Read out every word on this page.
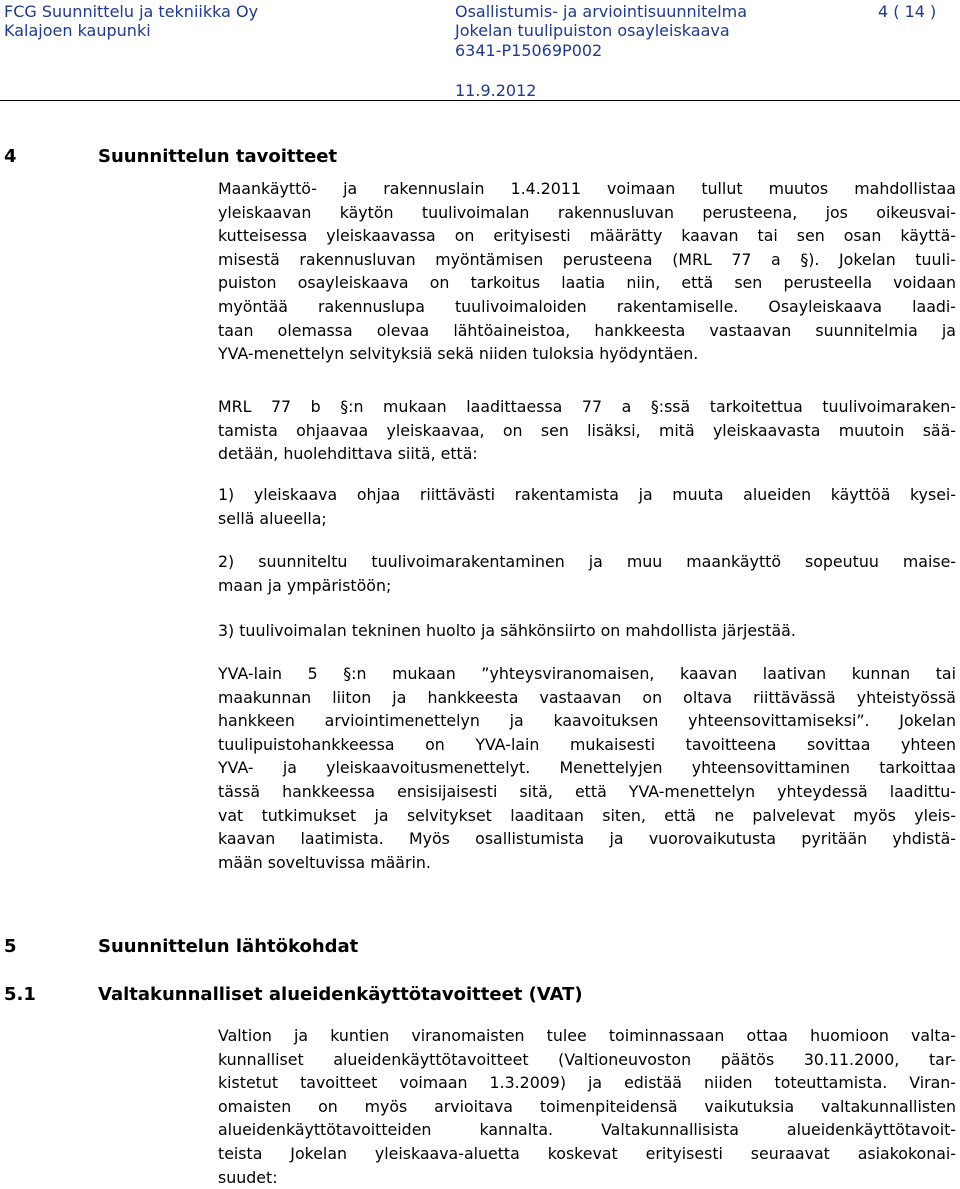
FCG Suunnittelu ja tekniikka Oy
Kalajoen kaupunki
Osallistumis- ja arviointisuunnitelma
Jokelan tuulipuiston osayleiskaava
6341-P15069P002
11.9.2012
4 ( 14 )
4	Suunnittelun tavoitteet
Maankäyttö- ja rakennuslain 1.4.2011 voimaan tullut muutos mahdollistaa
yleiskaavan käytön tuulivoimalan rakennusluvan perusteena, jos oikeusvai-
kutteisessa yleiskaavassa on erityisesti määrätty kaavan tai sen osan käyttä-
misestä rakennusluvan myöntämisen perusteena (MRL 77 a §). Jokelan tuuli-
puiston osayleiskaava on tarkoitus laatia niin, että sen perusteella voidaan
myöntää rakennuslupa tuulivoimaloiden rakentamiselle. Osayleiskaava laadi-
taan olemassa olevaa lähtöaineistoa, hankkeesta vastaavan suunnitelmia ja
YVA-menettelyn selvityksiä sekä niiden tuloksia hyödyntäen.
MRL 77 b §:n mukaan laadittaessa 77 a §:ssä tarkoitettua tuulivoimaraken-
tamista ohjaavaa yleiskaavaa, on sen lisäksi, mitä yleiskaavasta muutoin sää-
detään, huolehdittava siitä, että:
1) yleiskaava ohjaa riittävästi rakentamista ja muuta alueiden käyttöä kysei-
sellä alueella;
2) suunniteltu tuulivoimarakentaminen ja muu maankäyttö sopeutuu maise-
maan ja ympäristöön;
3) tuulivoimalan tekninen huolto ja sähkönsiirto on mahdollista järjestää.
YVA-lain 5 §:n mukaan ”yhteysviranomaisen, kaavan laativan kunnan tai
maakunnan liiton ja hankkeesta vastaavan on oltava riittävässä yhteistyössä
hankkeen arviointimenettelyn ja kaavoituksen yhteensovittamiseksi”. Jokelan
tuulipuistohankkeessa on YVA-lain mukaisesti tavoitteena sovittaa yhteen
YVA- ja yleiskaavoitusmenettelyt. Menettelyjen yhteensovittaminen tarkoittaa
tässä hankkeessa ensisijaisesti sitä, että YVA-menettelyn yhteydessä laadittu-
vat tutkimukset ja selvitykset laaditaan siten, että ne palvelevat myös yleis-
kaavan laatimista. Myös osallistumista ja vuorovaikutusta pyritään yhdistä-
mään soveltuvissa määrin.
5	Suunnittelun lähtökohdat
5.1	Valtakunnalliset alueidenkäyttötavoitteet (VAT)
Valtion ja kuntien viranomaisten tulee toiminnassaan ottaa huomioon valta-
kunnalliset alueidenkäyttötavoitteet (Valtioneuvoston päätös 30.11.2000, tar-
kistetut tavoitteet voimaan 1.3.2009) ja edistää niiden toteuttamista. Viran-
omaisten on myös arvioitava toimenpiteidensä vaikutuksia valtakunnallisten
alueidenkäyttötavoitteiden kannalta. Valtakunnallisista alueidenkäyttötavoit-
teista Jokelan yleiskaava-aluetta koskevat erityisesti seuraavat asiakokonai-
suudet:
